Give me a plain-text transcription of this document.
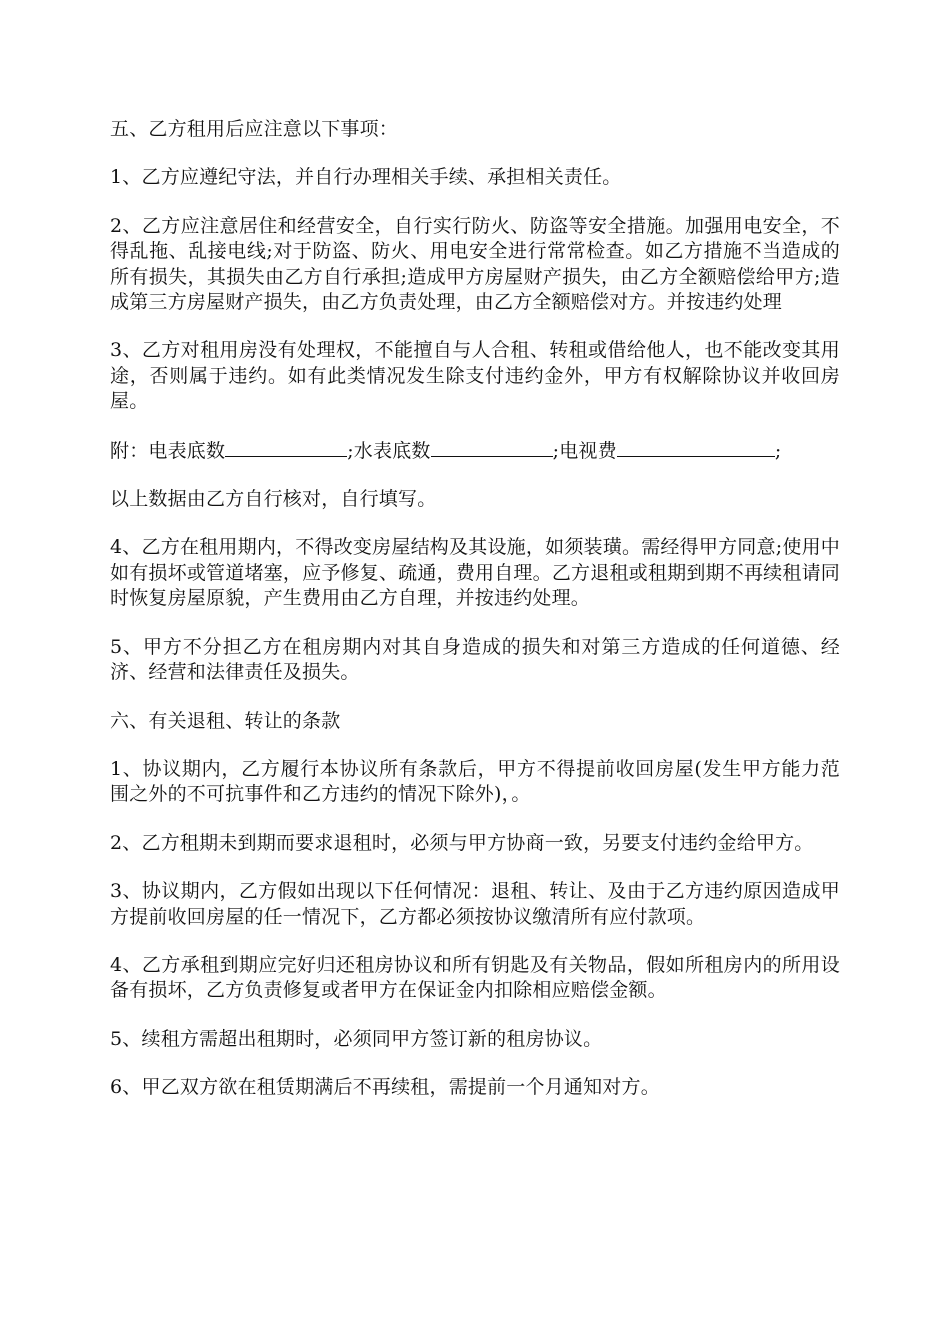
五、乙方租用后应注意以下事项：

1、乙方应遵纪守法，并自行办理相关手续、承担相关责任。

2、乙方应注意居住和经营安全，自行实行防火、防盗等安全措施。加强用电安全，不得乱拖、乱接电线;对于防盗、防火、用电安全进行常常检查。如乙方措施不当造成的所有损失，其损失由乙方自行承担;造成甲方房屋财产损失，由乙方全额赔偿给甲方;造成第三方房屋财产损失，由乙方负责处理，由乙方全额赔偿对方。并按违约处理

3、乙方对租用房没有处理权，不能擅自与人合租、转租或借给他人，也不能改变其用途，否则属于违约。如有此类情况发生除支付违约金外，甲方有权解除协议并收回房屋。

附：电表底数	;水表底数	;电视费	;

以上数据由乙方自行核对，自行填写。

4、乙方在租用期内，不得改变房屋结构及其设施，如须装璜。需经得甲方同意;使用中如有损坏或管道堵塞，应予修复、疏通，费用自理。乙方退租或租期到期不再续租请同时恢复房屋原貌，产生费用由乙方自理，并按违约处理。

5、甲方不分担乙方在租房期内对其自身造成的损失和对第三方造成的任何道德、经济、经营和法律责任及损失。

六、有关退租、转让的条款

1、协议期内，乙方履行本协议所有条款后，甲方不得提前收回房屋(发生甲方能力范围之外的不可抗事件和乙方违约的情况下除外)，。

2、乙方租期未到期而要求退租时，必须与甲方协商一致，另要支付违约金给甲方。

3、协议期内，乙方假如出现以下任何情况：退租、转让、及由于乙方违约原因造成甲方提前收回房屋的任一情况下，乙方都必须按协议缴清所有应付款项。

4、乙方承租到期应完好归还租房协议和所有钥匙及有关物品，假如所租房内的所用设备有损坏，乙方负责修复或者甲方在保证金内扣除相应赔偿金额。

5、续租方需超出租期时，必须同甲方签订新的租房协议。

6、甲乙双方欲在租赁期满后不再续租，需提前一个月通知对方。
